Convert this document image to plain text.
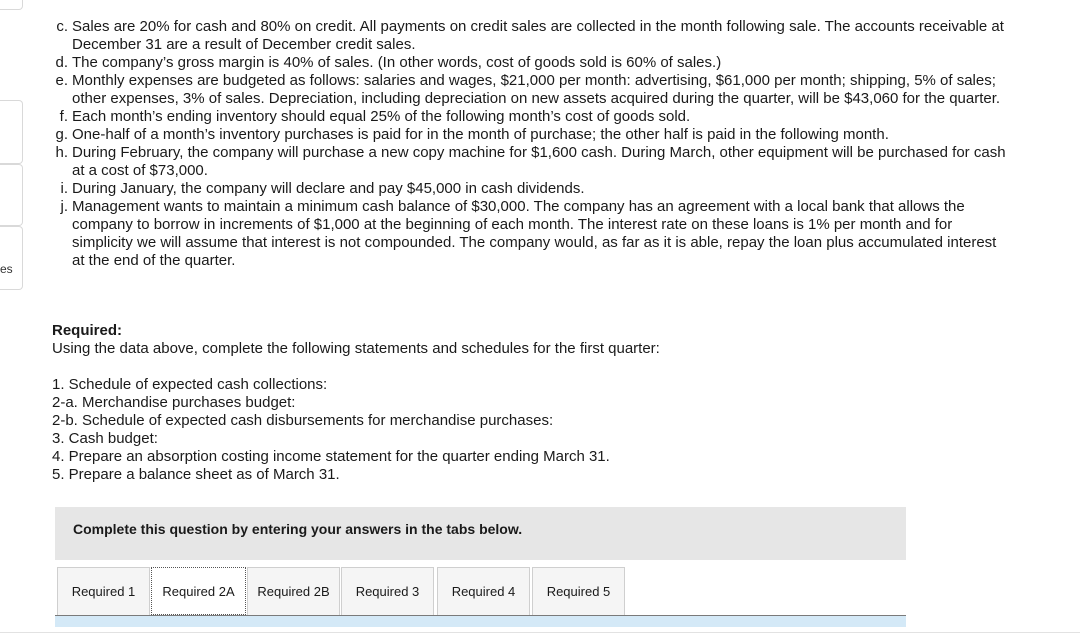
es
c. Sales are 20% for cash and 80% on credit. All payments on credit sales are collected in the month following sale. The accounts receivable at December 31 are a result of December credit sales.
d. The company’s gross margin is 40% of sales. (In other words, cost of goods sold is 60% of sales.)
e. Monthly expenses are budgeted as follows: salaries and wages, $21,000 per month: advertising, $61,000 per month; shipping, 5% of sales; other expenses, 3% of sales. Depreciation, including depreciation on new assets acquired during the quarter, will be $43,060 for the quarter.
f. Each month’s ending inventory should equal 25% of the following month’s cost of goods sold.
g. One-half of a month’s inventory purchases is paid for in the month of purchase; the other half is paid in the following month.
h. During February, the company will purchase a new copy machine for $1,600 cash. During March, other equipment will be purchased for cash at a cost of $73,000.
i. During January, the company will declare and pay $45,000 in cash dividends.
j. Management wants to maintain a minimum cash balance of $30,000. The company has an agreement with a local bank that allows the company to borrow in increments of $1,000 at the beginning of each month. The interest rate on these loans is 1% per month and for simplicity we will assume that interest is not compounded. The company would, as far as it is able, repay the loan plus accumulated interest at the end of the quarter.
Required:
Using the data above, complete the following statements and schedules for the first quarter:
1. Schedule of expected cash collections:
2-a. Merchandise purchases budget:
2-b. Schedule of expected cash disbursements for merchandise purchases:
3. Cash budget:
4. Prepare an absorption costing income statement for the quarter ending March 31.
5. Prepare a balance sheet as of March 31.
Complete this question by entering your answers in the tabs below.
Required 1	Required 2A	Required 2B	Required 3	Required 4	Required 5
